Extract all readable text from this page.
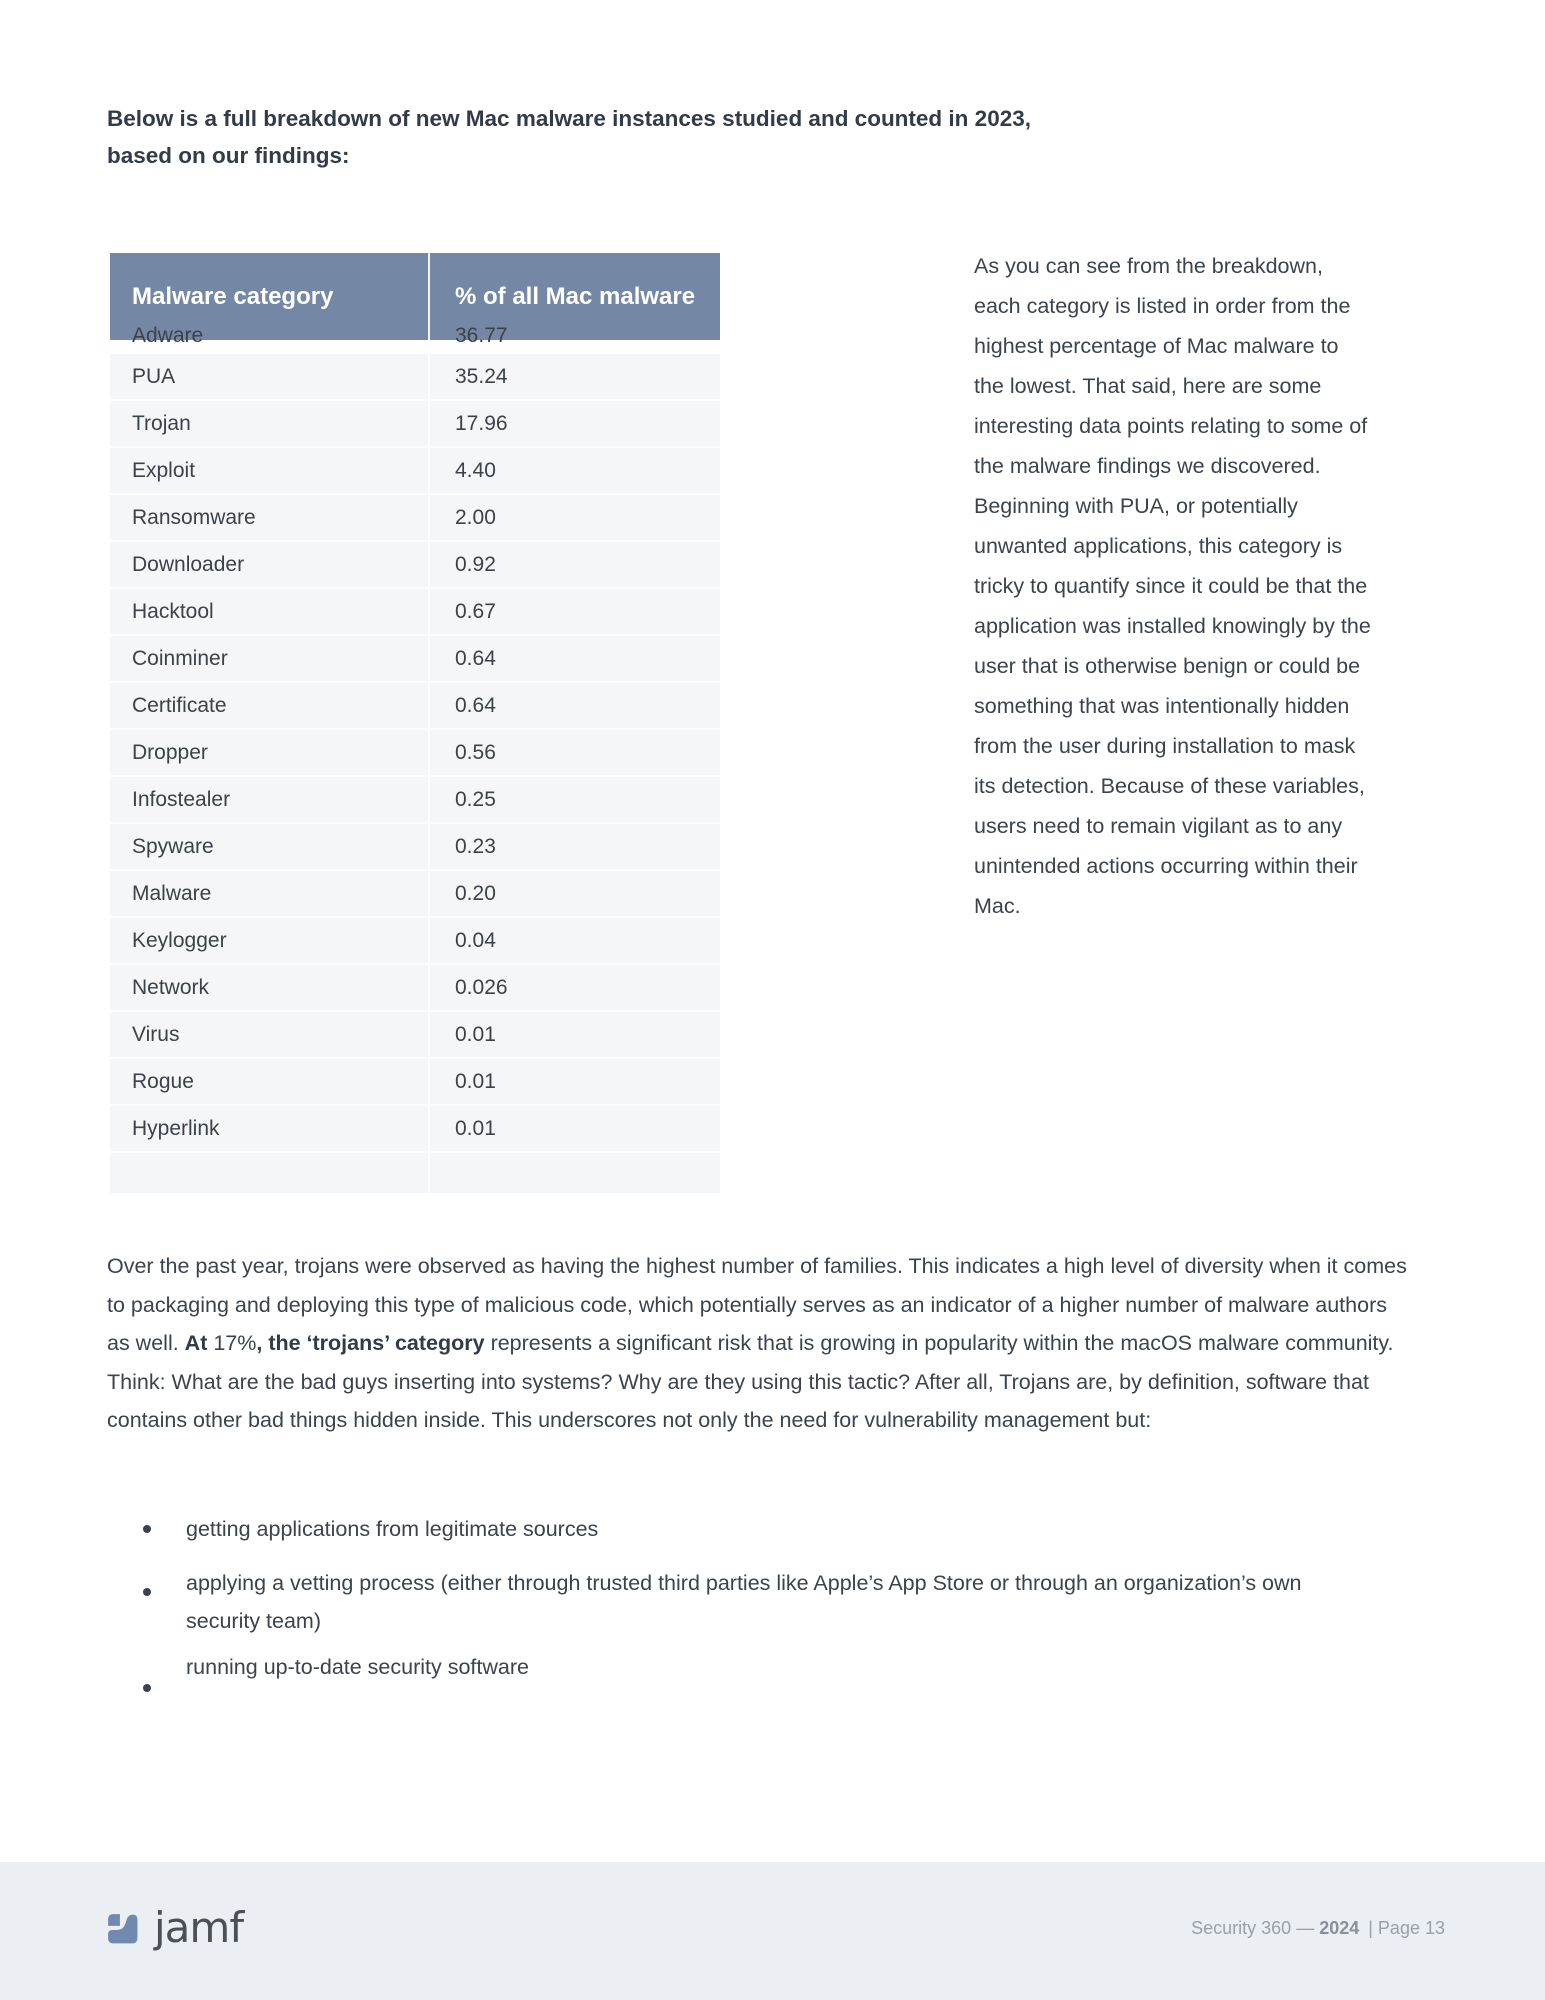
Below is a full breakdown of new Mac malware instances studied and counted in 2023,
based on our findings:
Malware category	% of all Mac malware
Adware	36.77
PUA	35.24
Trojan	17.96
Exploit	4.40
Ransomware	2.00
Downloader	0.92
Hacktool	0.67
Coinminer	0.64
Certificate	0.64
Dropper	0.56
Infostealer	0.25
Spyware	0.23
Malware	0.20
Keylogger	0.04
Network	0.026
Virus	0.01
Rogue	0.01
Hyperlink	0.01
As you can see from the breakdown, each category is listed in order from the highest percentage of Mac malware to the lowest. That said, here are some interesting data points relating to some of the malware findings we discovered. Beginning with PUA, or potentially unwanted applications, this category is tricky to quantify since it could be that the application was installed knowingly by the user that is otherwise benign or could be something that was intentionally hidden from the user during installation to mask its detection. Because of these variables, users need to remain vigilant as to any unintended actions occurring within their Mac.
Over the past year, trojans were observed as having the highest number of families. This indicates a high level of diversity when it comes to packaging and deploying this type of malicious code, which potentially serves as an indicator of a higher number of malware authors as well. At 17%, the ‘trojans’ category represents a significant risk that is growing in popularity within the macOS malware community. Think: What are the bad guys inserting into systems? Why are they using this tactic? After all, Trojans are, by definition, software that contains other bad things hidden inside. This underscores not only the need for vulnerability management but:
getting applications from legitimate sources
applying a vetting process (either through trusted third parties like Apple’s App Store or through an organization’s own security team)
running up-to-date security software
jamf	Security 360 — 2024 | Page 13
